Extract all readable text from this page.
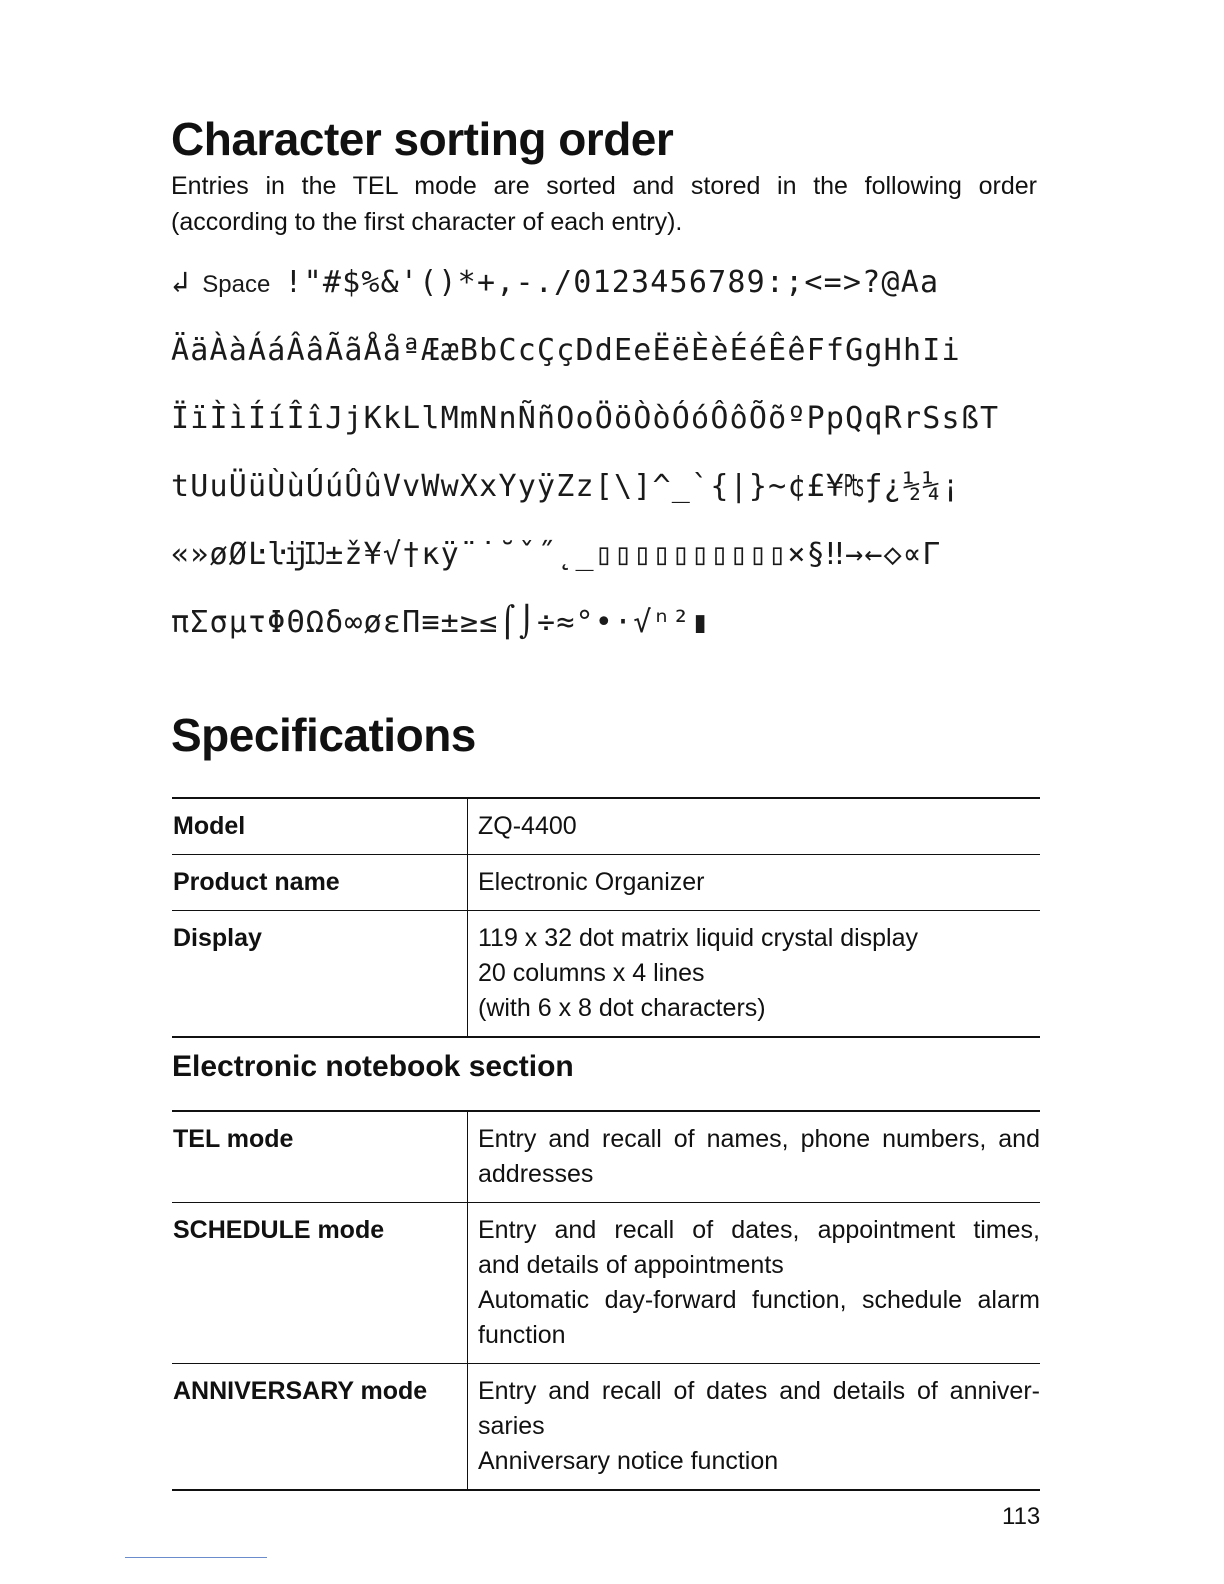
Character sorting order

Entries in the TEL mode are sorted and stored in the following order
(according to the first character of each entry).

↲ Space !"#$%&'()*+,-./0123456789:;<=>?@Aa
ÄäÀàÁáÂâÃãÅåªÆæBbCcÇçDdEeËëÈèÉéÊêFfGgHhIi
ÏïÌìÍíÎîJjKkLlMmNnÑñOoÖöÒòÓóÔôÕõºPpQqRrSsßT
tUuÜüÙùÚúÛûVvWwXxYyÿZz[\]^_`{|}~¢£¥₧ƒ¿½¼¡
«»øØĿŀĳĲ±ž¥√†ĸÿ¨˙˘ˇ˝˛_▯▯▯▯▯▯▯▯▯▯×§‼→←◇∝Γ
πΣσμτΦΘΩδ∞øεΠ≡±≥≤⌠⌡÷≈°•·√ⁿ²▮
Specifications
Model	ZQ-4400

Product name	Electronic Organizer

Display	119 x 32 dot matrix liquid crystal display
20 columns x 4 lines
(with 6 x 8 dot characters)
Electronic notebook section
TEL mode	Entry and recall of names, phone numbers, and
addresses

SCHEDULE mode	Entry and recall of dates, appointment times,
and details of appointments
Automatic day-forward function, schedule alarm
function

ANNIVERSARY mode	Entry and recall of dates and details of anniver-
saries
Anniversary notice function
113
